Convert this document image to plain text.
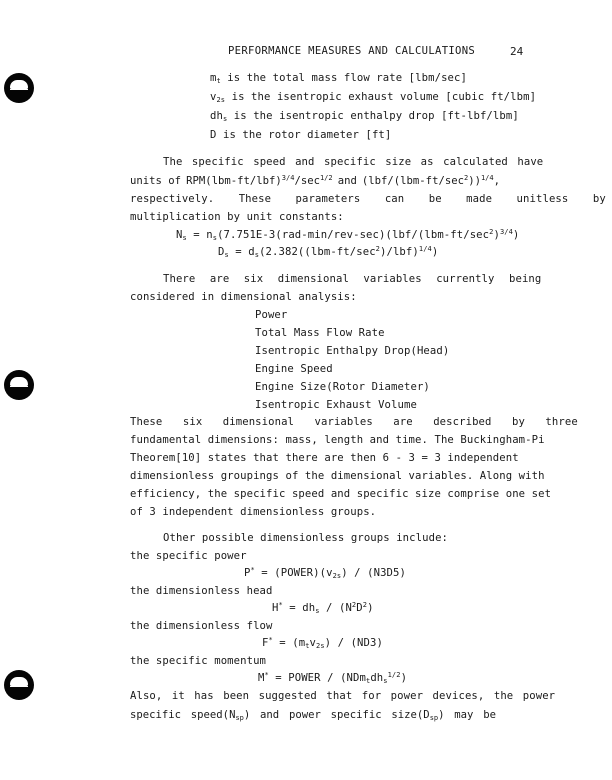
PERFORMANCE MEASURES AND CALCULATIONS	24
$m_t$ is the total mass flow rate [lbm/sec]
$v_{2s}$ is the isentropic exhaust volume [cubic ft/lbm]
$dh_s$ is the isentropic enthalpy drop [ft-lbf/lbm]
D is the rotor diameter [ft]
The specific speed and specific size as calculated have
units of $RPM(lbm-ft/lbf)^{3/4}/\sec^{1/2}$ and $(lbf/(lbm-ft/\sec^2))^{1/4}$,
respectively. These parameters can be made unitless by
multiplication by unit constants:
$N_s = n_s(7.751E-3(rad-\min/rev-\sec)(lbf/(lbm-ft/\sec^2)^{3/4})$
$D_s = d_s(2.382((lbm-ft/\sec^2)/lbf)^{1/4})$
There are six dimensional variables currently being
considered in dimensional analysis:
Power
Total Mass Flow Rate
Isentropic Enthalpy Drop(Head)
Engine Speed
Engine Size(Rotor Diameter)
Isentropic Exhaust Volume
These six dimensional variables are described by three
fundamental dimensions: mass, length and time. The Buckingham-Pi
Theorem[10] states that there are then 6 - 3 = 3 independent
dimensionless groupings of the dimensional variables. Along with
efficiency, the specific speed and specific size comprise one set
of 3 independent dimensionless groups.
Other possible dimensionless groups include:
the specific power
$P^* = (POWER)(v_{2s}) / (N3D5)$
the dimensionless head
$H^* = dh_s / (N^2D^2)$
the dimensionless flow
$F^* = (m_tv_{2s}) / (ND3)$
the specific momentum
M* = POWER / $(NDm_tdh_s^{1/2})$
Also, it has been suggested that for power devices, the power
specific $speed(N_{sp})$ and power specific $size(D_{sp})$ may be
